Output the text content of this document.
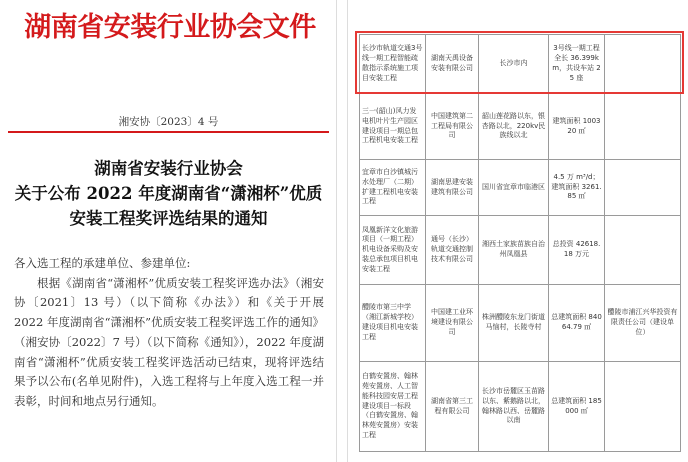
湖南省安装行业协会文件
湘安协〔2023〕4 号
湖南省安装行业协会
关于公布 2022 年度湖南省“潇湘杯”优质
安装工程奖评选结果的通知

各入选工程的承建单位、参建单位:

根据《湖南省“潇湘杯”优质安装工程奖评选办法》（湘安协〔2021〕13 号）（以下简称《办法》）和《关于开展 2022 年度湖南省“潇湘杯”优质安装工程奖评选工作的通知》（湘安协〔2022〕7 号）（以下简称《通知》），2022 年度湖南省“潇湘杯”优质安装工程奖评选活动已结束，现将评选结果予以公布(名单见附件)，入选工程将与上年度入选工程一并表彰，时间和地点另行通知。

长沙市轨道交通3号线一期工程智能疏散指示系统施工项目安装工程	湖南天禹设备安装有限公司	长沙市内	3号线一期工程全长 36.399km，共设车站 25 座	
三一(韶山)风力发电机叶片生产园区建设项目一期总包工程机电安装工程	中国建筑第二工程局有限公司	韶山莲花路以东，银杏路以北，220kv民族线以北	建筑面积 100320 ㎡	
宜章市白沙镇城污水处理厂（二期）扩建工程机电安装工程	湖南思建安装建筑有限公司	国川省宜章市临港区	4.5 万 m³/d；建筑面积 3261.85 ㎡	
凤凰新洋文化旅游项目（一期工程）机电设备采购及安装总承包项目机电安装工程	通号（长沙）轨道交通控制技术有限公司	湘西土家族苗族自治州凤凰县	总投资 42618.18 万元	
醴陵市第三中学（湘江新城学校）建设项目机电安装工程	中国建工业环境建设有限公司	株洲醴陵东龙门街道马恼村，长陵寺村	总建筑面积 84064.79 ㎡	醴陵市浦江兴华投资有限责任公司（建设单位）
白鹤安置房、翰林苑安置房、人工智能科技园安居工程建设项目一标段（白鹤安置房、翰林苑安置房）安装工程	湖南省第三工程有限公司	长沙市岳麓区玉苗路以东、紫鹅路以北，翰林路以西、岳麓路以南	总建筑面积 185000 ㎡	
